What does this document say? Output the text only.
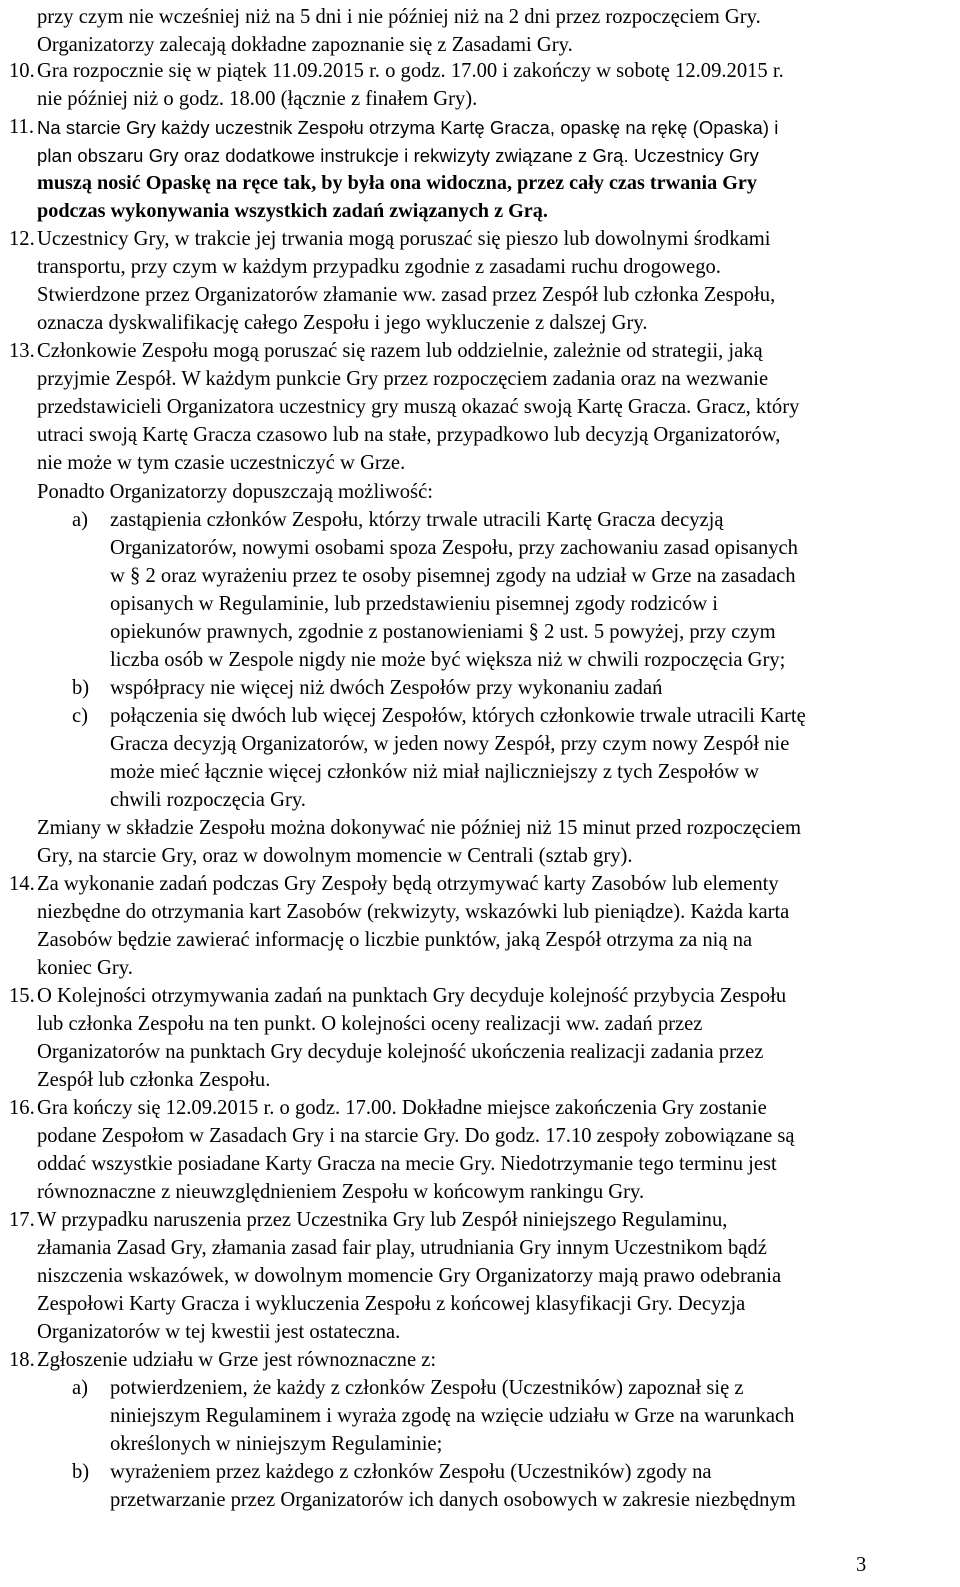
przy czym nie wcześniej niż na 5 dni i nie później niż na 2 dni przez rozpoczęciem Gry.
Organizatorzy zalecają dokładne zapoznanie się z Zasadami Gry.
10. Gra rozpocznie się w piątek 11.09.2015 r. o godz. 17.00 i zakończy w sobotę 12.09.2015 r.
nie później niż o godz. 18.00 (łącznie z finałem Gry).
11. Na starcie Gry każdy uczestnik Zespołu otrzyma Kartę Gracza, opaskę na rękę (Opaska) i
plan obszaru Gry oraz dodatkowe instrukcje i rekwizyty związane z Grą. Uczestnicy Gry
muszą nosić Opaskę na ręce tak, by była ona widoczna, przez cały czas trwania Gry
podczas wykonywania wszystkich zadań związanych z Grą.
12. Uczestnicy Gry, w trakcie jej trwania mogą poruszać się pieszo lub dowolnymi środkami
transportu, przy czym w każdym przypadku zgodnie z zasadami ruchu drogowego.
Stwierdzone przez Organizatorów złamanie ww. zasad przez Zespół lub członka Zespołu,
oznacza dyskwalifikację całego Zespołu i jego wykluczenie z dalszej Gry.
13. Członkowie Zespołu mogą poruszać się razem lub oddzielnie, zależnie od strategii, jaką
przyjmie Zespół. W każdym punkcie Gry przez rozpoczęciem zadania oraz na wezwanie
przedstawicieli Organizatora uczestnicy gry muszą okazać swoją Kartę Gracza. Gracz, który
utraci swoją Kartę Gracza czasowo lub na stałe, przypadkowo lub decyzją Organizatorów,
nie może w tym czasie uczestniczyć w Grze.
Ponadto Organizatorzy dopuszczają możliwość:
a) zastąpienia członków Zespołu, którzy trwale utracili Kartę Gracza decyzją
Organizatorów, nowymi osobami spoza Zespołu, przy zachowaniu zasad opisanych
w § 2 oraz wyrażeniu przez te osoby pisemnej zgody na udział w Grze na zasadach
opisanych w Regulaminie, lub przedstawieniu pisemnej zgody rodziców i
opiekunów prawnych, zgodnie z postanowieniami § 2 ust. 5 powyżej, przy czym
liczba osób w Zespole nigdy nie może być większa niż w chwili rozpoczęcia Gry;
b) współpracy nie więcej niż dwóch Zespołów przy wykonaniu zadań
c) połączenia się dwóch lub więcej Zespołów, których członkowie trwale utracili Kartę
Gracza decyzją Organizatorów, w jeden nowy Zespół, przy czym nowy Zespół nie
może mieć łącznie więcej członków niż miał najliczniejszy z tych Zespołów w
chwili rozpoczęcia Gry.
Zmiany w składzie Zespołu można dokonywać nie później niż 15 minut przed rozpoczęciem
Gry, na starcie Gry, oraz w dowolnym momencie w Centrali (sztab gry).
14. Za wykonanie zadań podczas Gry Zespoły będą otrzymywać karty Zasobów lub elementy
niezbędne do otrzymania kart Zasobów (rekwizyty, wskazówki lub pieniądze). Każda karta
Zasobów będzie zawierać informację o liczbie punktów, jaką Zespół otrzyma za nią na
koniec Gry.
15. O Kolejności otrzymywania zadań na punktach Gry decyduje kolejność przybycia Zespołu
lub członka Zespołu na ten punkt. O kolejności oceny realizacji ww. zadań przez
Organizatorów na punktach Gry decyduje kolejność ukończenia realizacji zadania przez
Zespół lub członka Zespołu.
16. Gra kończy się 12.09.2015 r. o godz. 17.00. Dokładne miejsce zakończenia Gry zostanie
podane Zespołom w Zasadach Gry i na starcie Gry. Do godz. 17.10 zespoły zobowiązane są
oddać wszystkie posiadane Karty Gracza na mecie Gry. Niedotrzymanie tego terminu jest
równoznaczne z nieuwzględnieniem Zespołu w końcowym rankingu Gry.
17. W przypadku naruszenia przez Uczestnika Gry lub Zespół niniejszego Regulaminu,
złamania Zasad Gry, złamania zasad fair play, utrudniania Gry innym Uczestnikom bądź
niszczenia wskazówek, w dowolnym momencie Gry Organizatorzy mają prawo odebrania
Zespołowi Karty Gracza i wykluczenia Zespołu z końcowej klasyfikacji Gry. Decyzja
Organizatorów w tej kwestii jest ostateczna.
18. Zgłoszenie udziału w Grze jest równoznaczne z:
a) potwierdzeniem, że każdy z członków Zespołu (Uczestników) zapoznał się z
niniejszym Regulaminem i wyraża zgodę na wzięcie udziału w Grze na warunkach
określonych w niniejszym Regulaminie;
b) wyrażeniem przez każdego z członków Zespołu (Uczestników) zgody na
przetwarzanie przez Organizatorów ich danych osobowych w zakresie niezbędnym
3
